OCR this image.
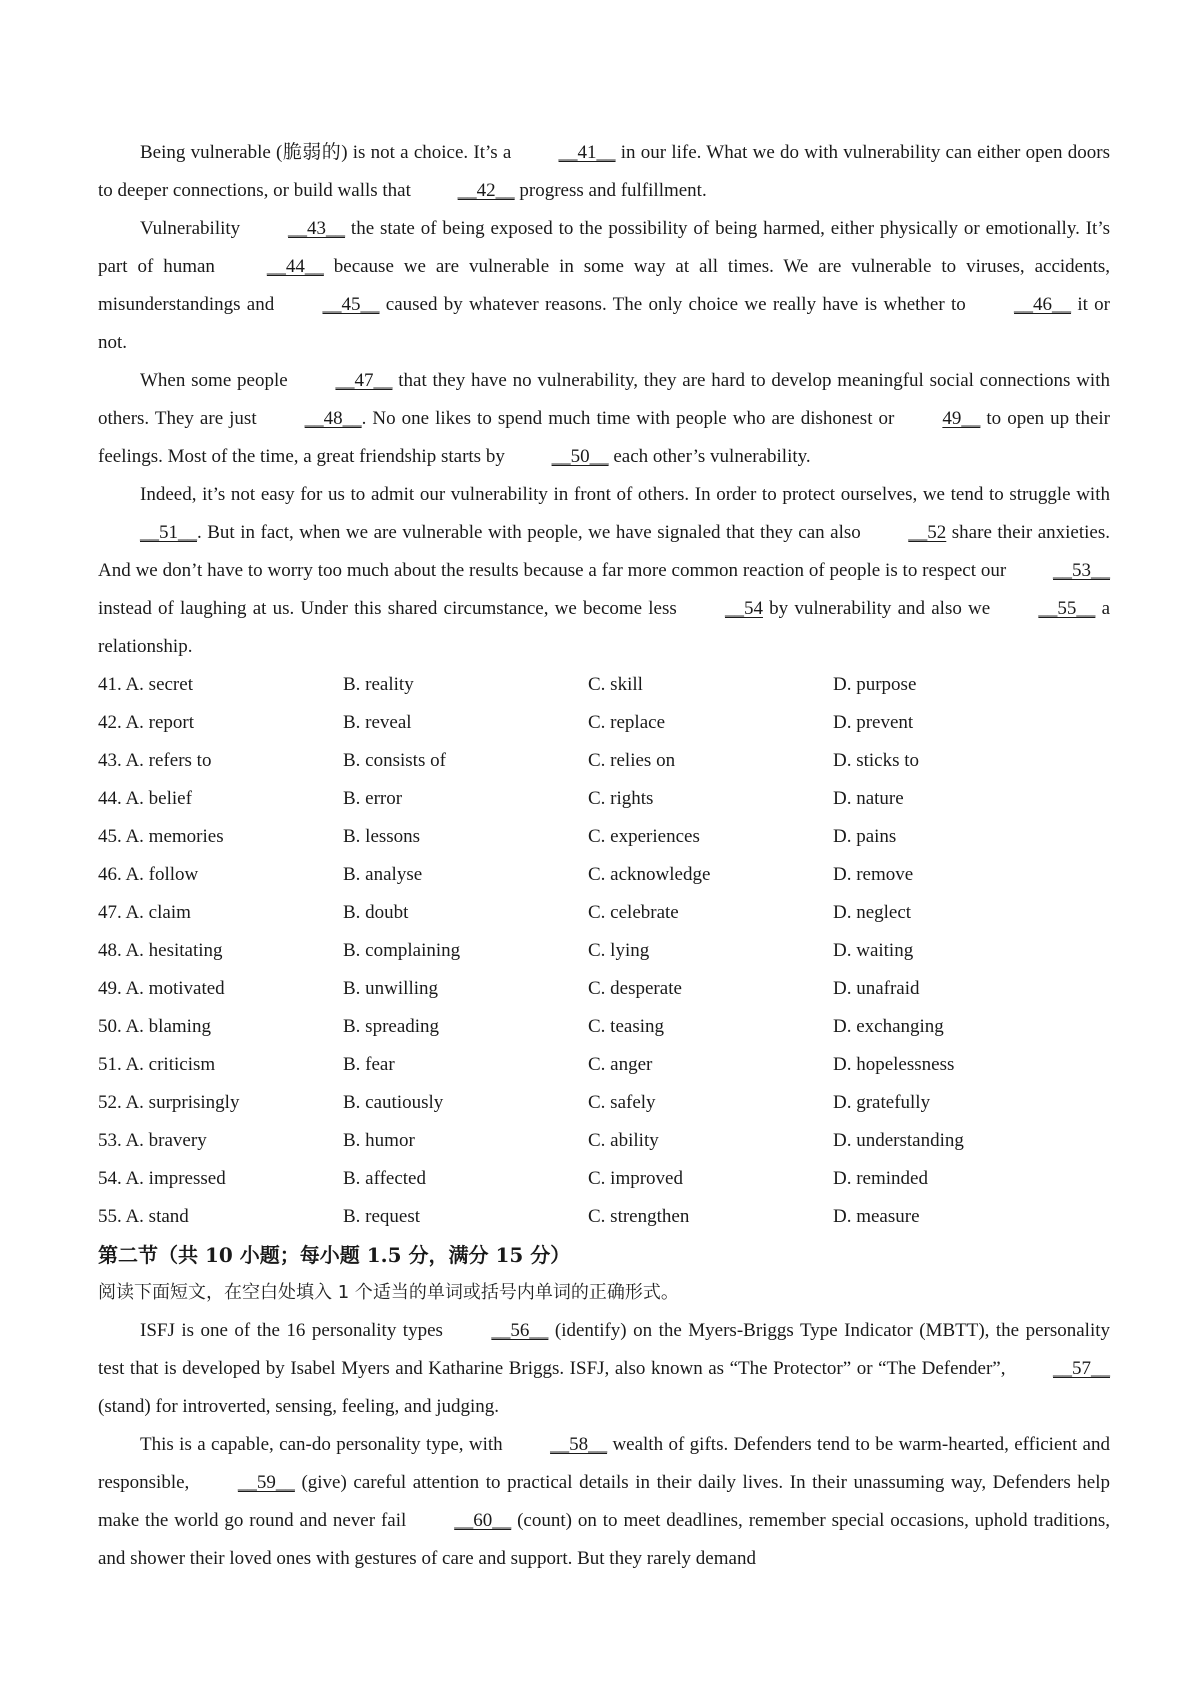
Being vulnerable (脆弱的) is not a choice. It’s a __41__ in our life. What we do with vulnerability can either open doors to deeper connections, or build walls that __42__ progress and fulfillment.

Vulnerability __43__ the state of being exposed to the possibility of being harmed, either physically or emotionally. It’s part of human __44__ because we are vulnerable in some way at all times. We are vulnerable to viruses, accidents, misunderstandings and __45__ caused by whatever reasons. The only choice we really have is whether to __46__ it or not.

When some people __47__ that they have no vulnerability, they are hard to develop meaningful social connections with others. They are just __48__. No one likes to spend much time with people who are dishonest or 49__ to open up their feelings. Most of the time, a great friendship starts by __50__ each other’s vulnerability.

Indeed, it’s not easy for us to admit our vulnerability in front of others. In order to protect ourselves, we tend to struggle with __51__. But in fact, when we are vulnerable with people, we have signaled that they can also __52 share their anxieties. And we don’t have to worry too much about the results because a far more common reaction of people is to respect our __53__ instead of laughing at us. Under this shared circumstance, we become less __54 by vulnerability and also we __55__ a relationship.

41. A. secret	B. reality	C. skill	D. purpose
42. A. report	B. reveal	C. replace	D. prevent
43. A. refers to	B. consists of	C. relies on	D. sticks to
44. A. belief	B. error	C. rights	D. nature
45. A. memories	B. lessons	C. experiences	D. pains
46. A. follow	B. analyse	C. acknowledge	D. remove
47. A. claim	B. doubt	C. celebrate	D. neglect
48. A. hesitating	B. complaining	C. lying	D. waiting
49. A. motivated	B. unwilling	C. desperate	D. unafraid
50. A. blaming	B. spreading	C. teasing	D. exchanging
51. A. criticism	B. fear	C. anger	D. hopelessness
52. A. surprisingly	B. cautiously	C. safely	D. gratefully
53. A. bravery	B. humor	C. ability	D. understanding
54. A. impressed	B. affected	C. improved	D. reminded
55. A. stand	B. request	C. strengthen	D. measure

第二节（共 10 小题；每小题 1.5 分，满分 15 分）

阅读下面短文，在空白处填入 1 个适当的单词或括号内单词的正确形式。

ISFJ is one of the 16 personality types __56__ (identify) on the Myers-Briggs Type Indicator (MBTT), the personality test that is developed by Isabel Myers and Katharine Briggs. ISFJ, also known as “The Protector” or “The Defender”, __57__ (stand) for introverted, sensing, feeling, and judging.

This is a capable, can-do personality type, with __58__ wealth of gifts. Defenders tend to be warm-hearted, efficient and responsible, __59__ (give) careful attention to practical details in their daily lives. In their unassuming way, Defenders help make the world go round and never fail __60__ (count) on to meet deadlines, remember special occasions, uphold traditions, and shower their loved ones with gestures of care and support. But they rarely demand
